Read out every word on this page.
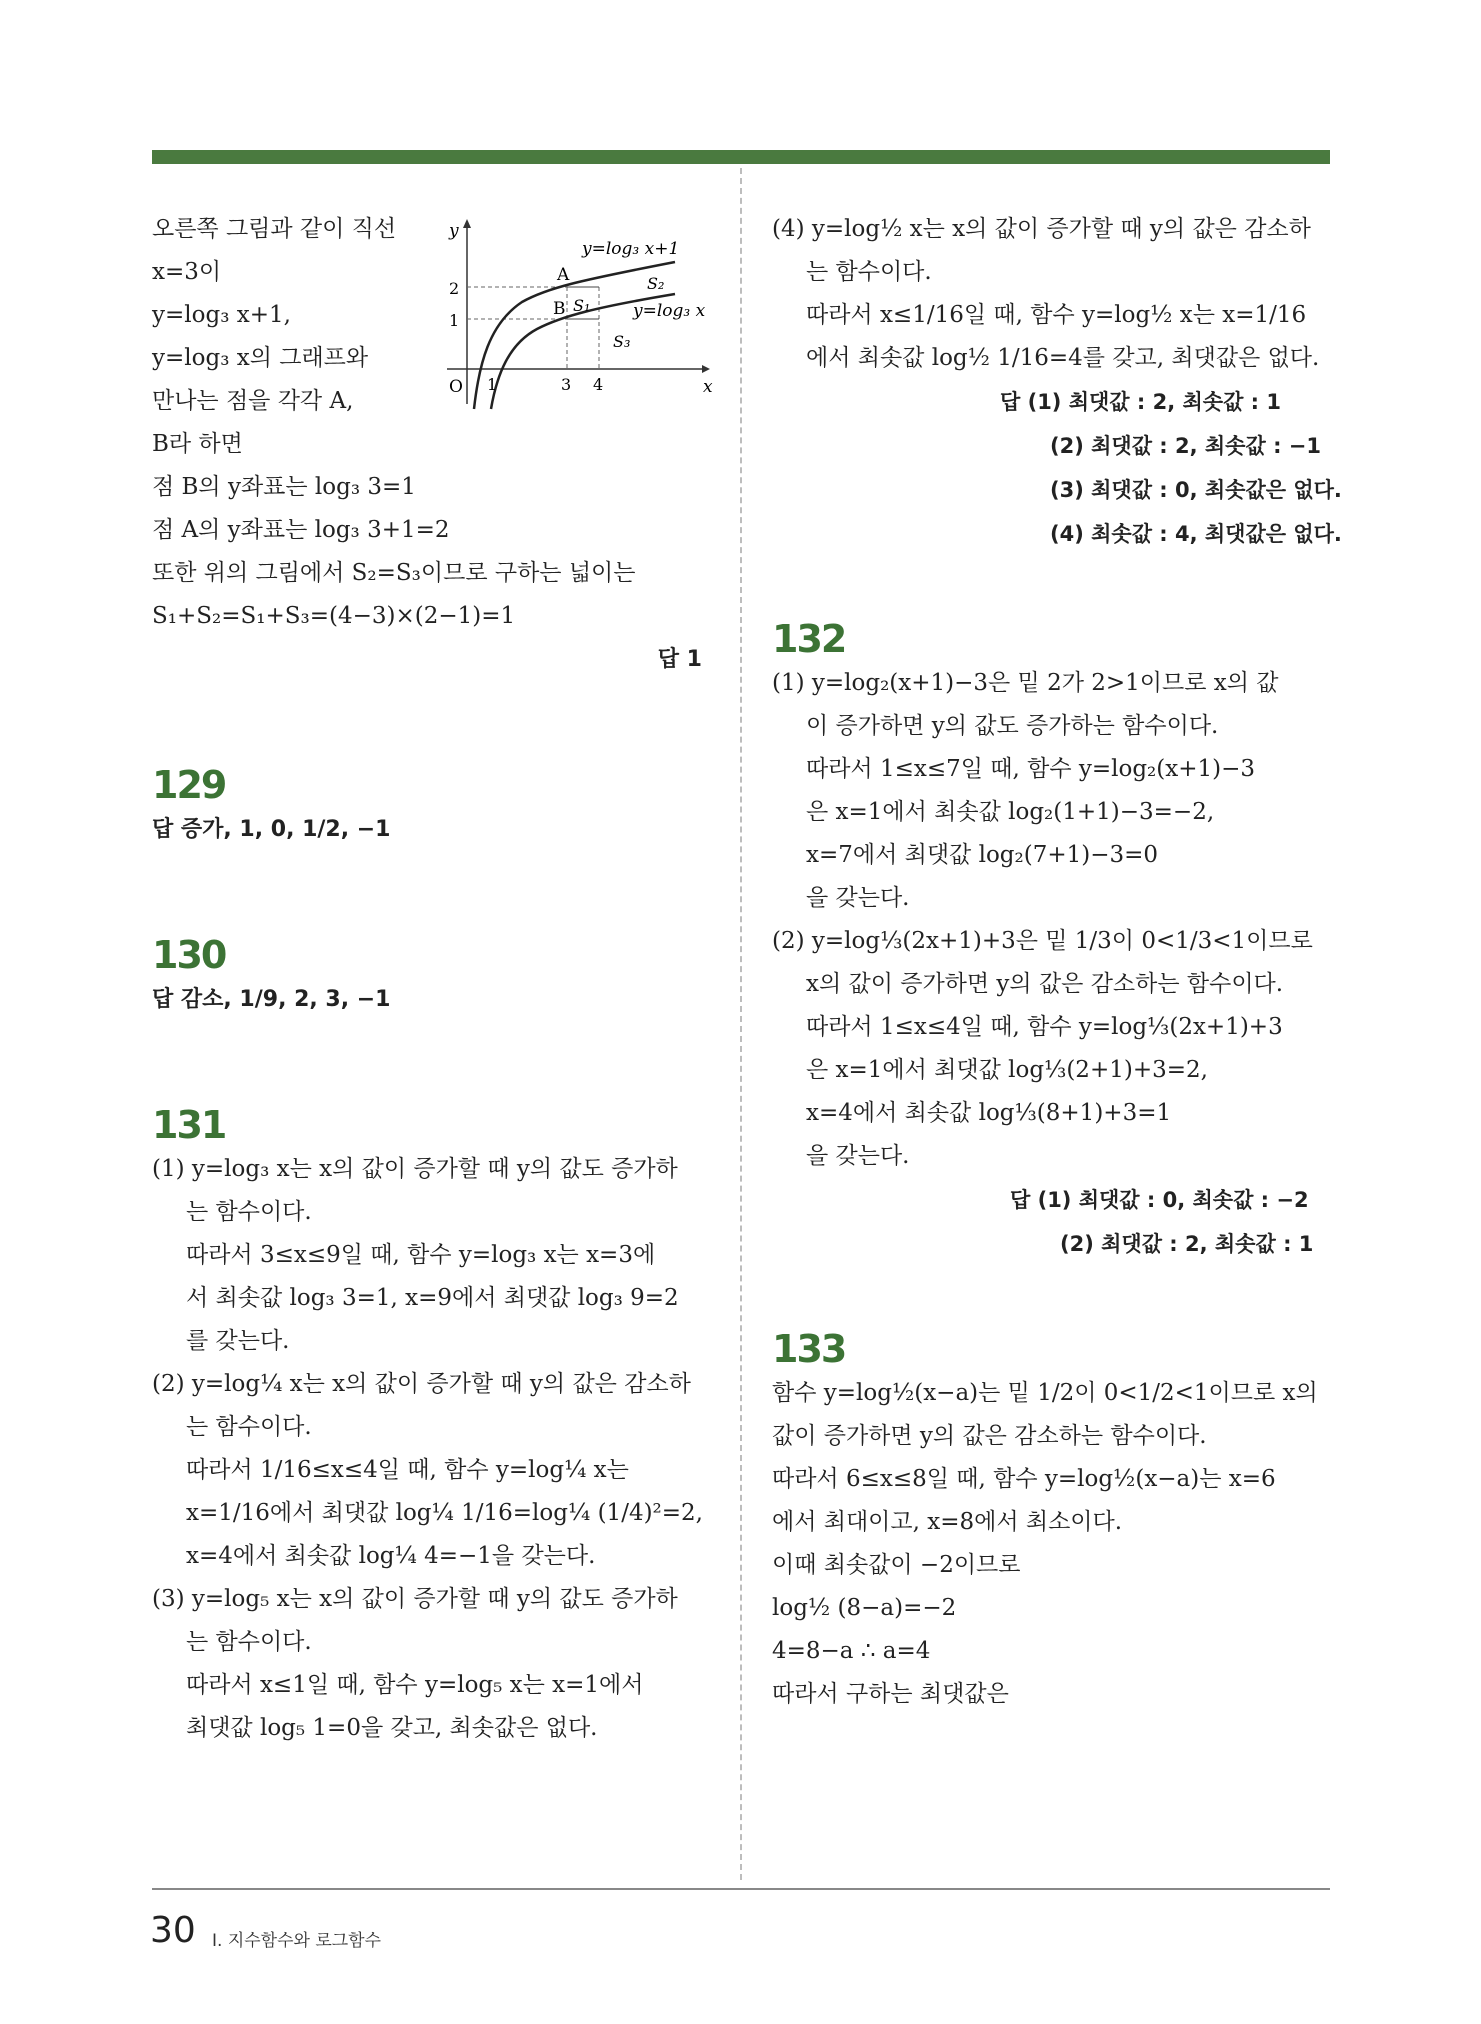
오른쪽 그림과 같이 직선
x=3이
y=log₃ x+1,
y=log₃ x의 그래프와
만나는 점을 각각 A,
B라 하면
y
x
O
2
1
1	3 4
A
B S₁
S₂
S₃
y=log₃ x+1
y=log₃ x
점 B의 y좌표는 log₃ 3=1
점 A의 y좌표는 log₃ 3+1=2
또한 위의 그림에서 S₂=S₃이므로 구하는 넓이는
S₁+S₂=S₁+S₃=(4−3)×(2−1)=1
답 1
129
답 증가, 1, 0, 1/2, −1
130
답 감소, 1/9, 2, 3, −1
131
(1) y=log₃ x는 x의 값이 증가할 때 y의 값도 증가하
는 함수이다.
따라서 3≤x≤9일 때, 함수 y=log₃ x는 x=3에
서 최솟값 log₃ 3=1, x=9에서 최댓값 log₃ 9=2
를 갖는다.
(2) y=log¼ x는 x의 값이 증가할 때 y의 값은 감소하
는 함수이다.
따라서 1/16≤x≤4일 때, 함수 y=log¼ x는
x=1/16에서 최댓값 log¼ 1/16=log¼ (1/4)²=2,
x=4에서 최솟값 log¼ 4=−1을 갖는다.
(3) y=log₅ x는 x의 값이 증가할 때 y의 값도 증가하
는 함수이다.
따라서 x≤1일 때, 함수 y=log₅ x는 x=1에서
최댓값 log₅ 1=0을 갖고, 최솟값은 없다.
(4) y=log½ x는 x의 값이 증가할 때 y의 값은 감소하
는 함수이다.
따라서 x≤1/16일 때, 함수 y=log½ x는 x=1/16
에서 최솟값 log½ 1/16=4를 갖고, 최댓값은 없다.
답 (1) 최댓값 : 2, 최솟값 : 1
(2) 최댓값 : 2, 최솟값 : −1
(3) 최댓값 : 0, 최솟값은 없다.
(4) 최솟값 : 4, 최댓값은 없다.
132
(1) y=log₂(x+1)−3은 밑 2가 2>1이므로 x의 값
이 증가하면 y의 값도 증가하는 함수이다.
따라서 1≤x≤7일 때, 함수 y=log₂(x+1)−3
은 x=1에서 최솟값 log₂(1+1)−3=−2,
x=7에서 최댓값 log₂(7+1)−3=0
을 갖는다.
(2) y=log⅓(2x+1)+3은 밑 1/3이 0<1/3<1이므로
x의 값이 증가하면 y의 값은 감소하는 함수이다.
따라서 1≤x≤4일 때, 함수 y=log⅓(2x+1)+3
은 x=1에서 최댓값 log⅓(2+1)+3=2,
x=4에서 최솟값 log⅓(8+1)+3=1
을 갖는다.
답 (1) 최댓값 : 0, 최솟값 : −2
(2) 최댓값 : 2, 최솟값 : 1
133
함수 y=log½(x−a)는 밑 1/2이 0<1/2<1이므로 x의
값이 증가하면 y의 값은 감소하는 함수이다.
따라서 6≤x≤8일 때, 함수 y=log½(x−a)는 x=6
에서 최대이고, x=8에서 최소이다.
이때 최솟값이 −2이므로
log½ (8−a)=−2
4=8−a ∴ a=4
따라서 구하는 최댓값은
30 Ⅰ. 지수함수와 로그함수
